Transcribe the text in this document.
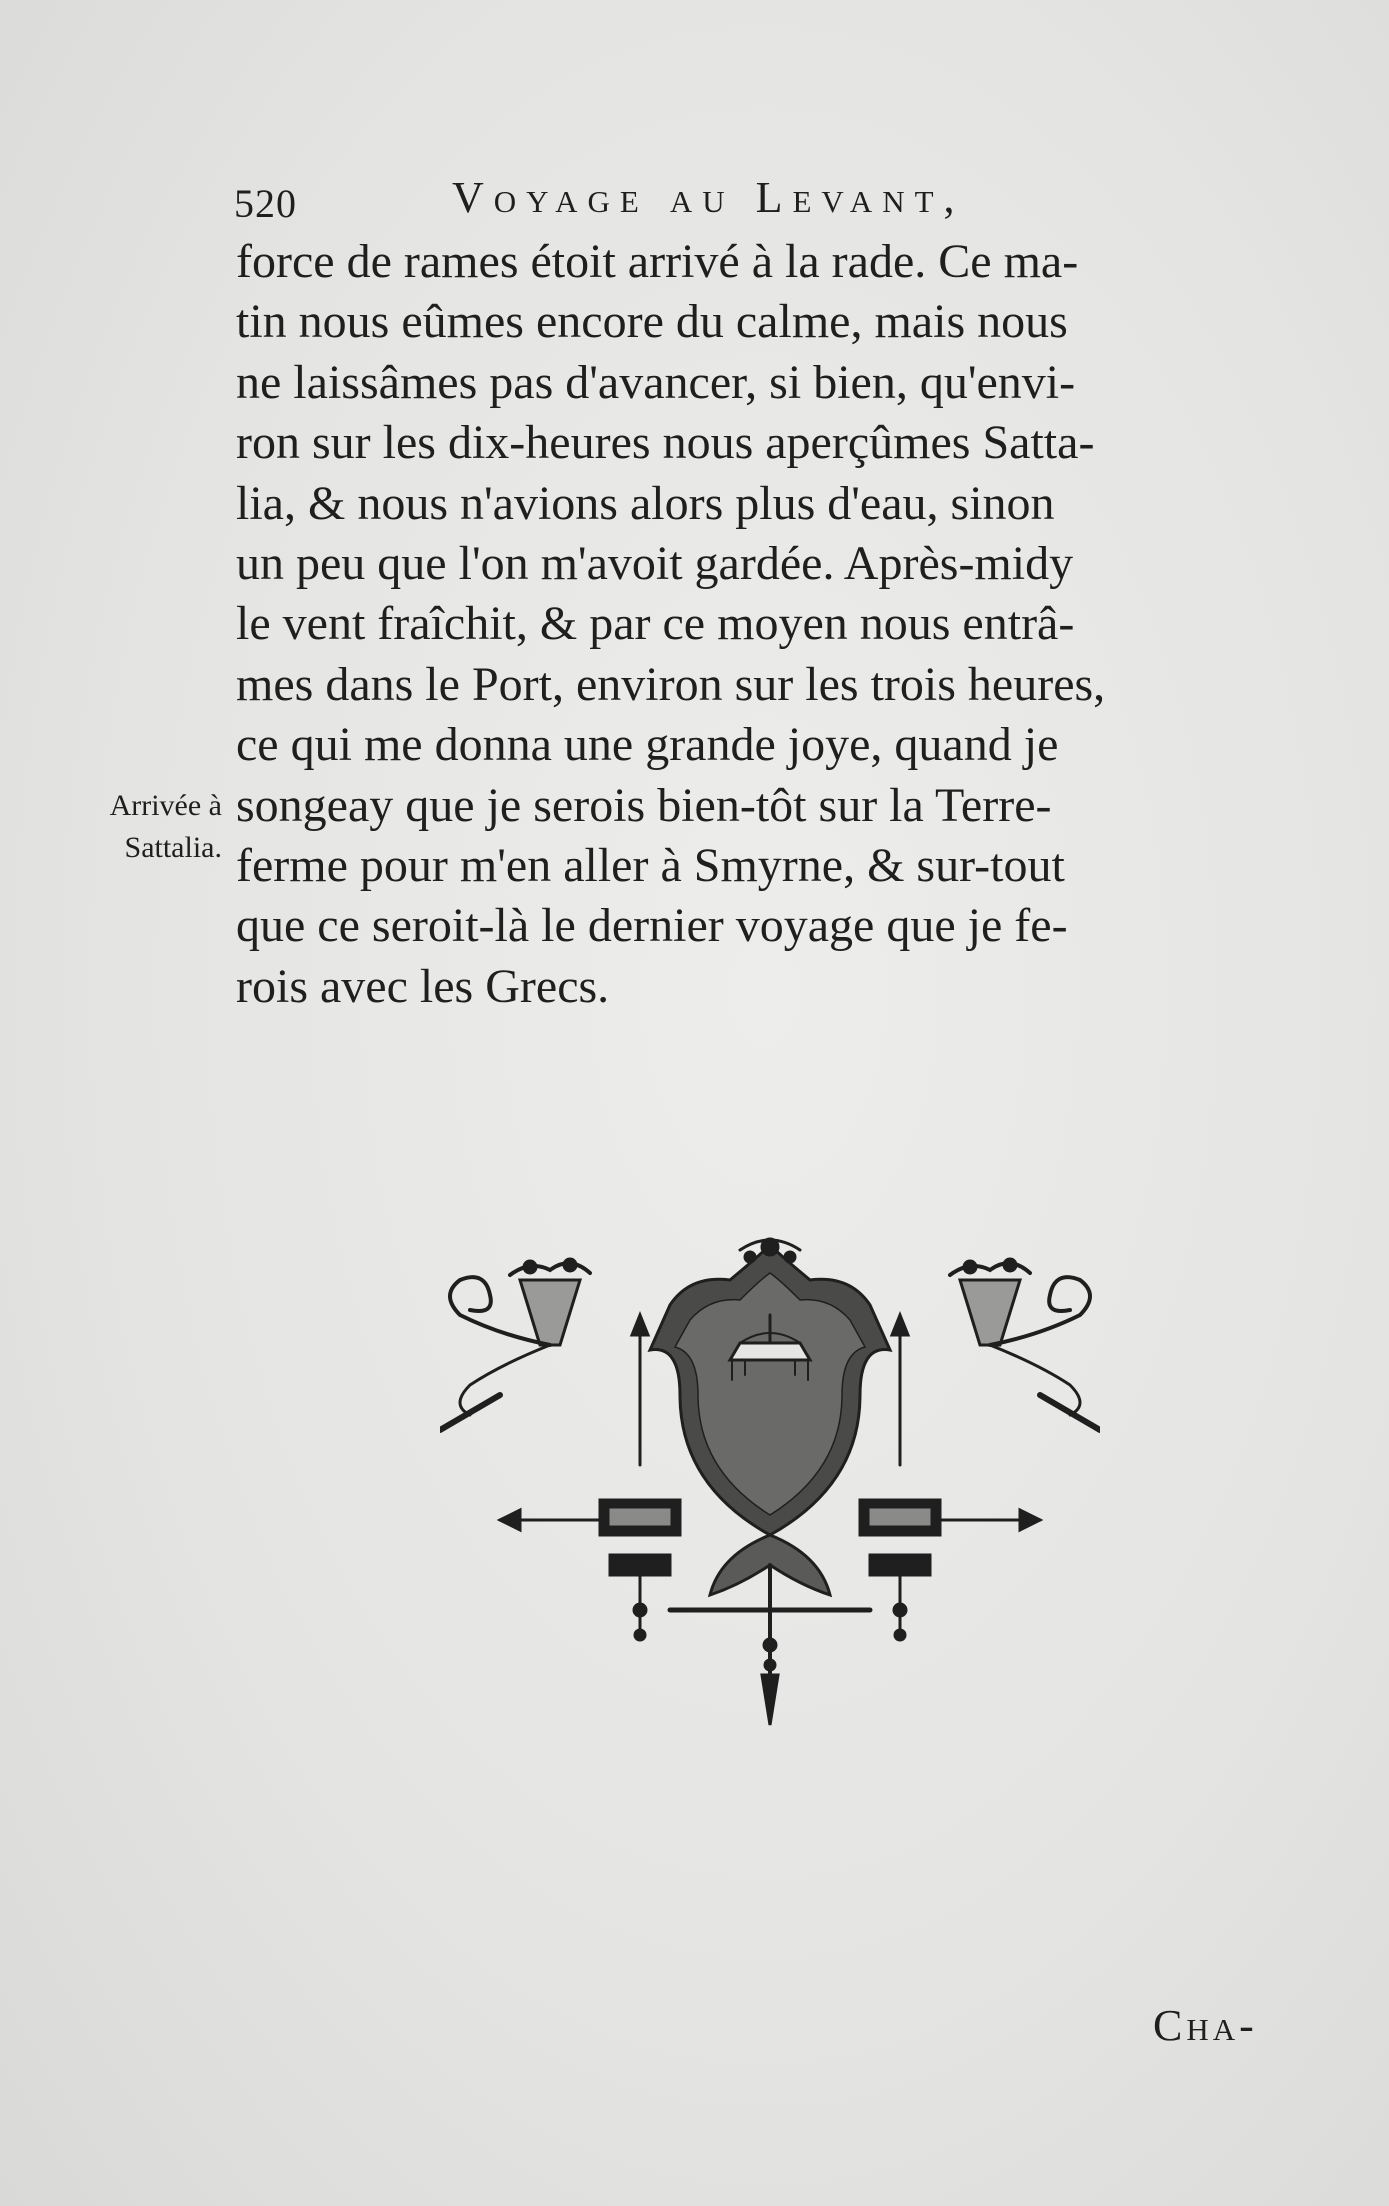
520	Voyage au Levant,
force de rames étoit arrivé à la rade. Ce ma-
tin nous eûmes encore du calme, mais nous
ne laissâmes pas d'avancer, si bien, qu'envi-
ron sur les dix-heures nous aperçûmes Satta-
lia, & nous n'avions alors plus d'eau, sinon
un peu que l'on m'avoit gardée. Après-midy
le vent fraîchit, & par ce moyen nous entrâ-
mes dans le Port, environ sur les trois heures,
ce qui me donna une grande joye, quand je
songeay que je serois bien-tôt sur la Terre-
ferme pour m'en aller à Smyrne, & sur-tout
que ce seroit-là le dernier voyage que je fe-
rois avec les Grecs.
Arrivée à
Sattalia.
Cha-
